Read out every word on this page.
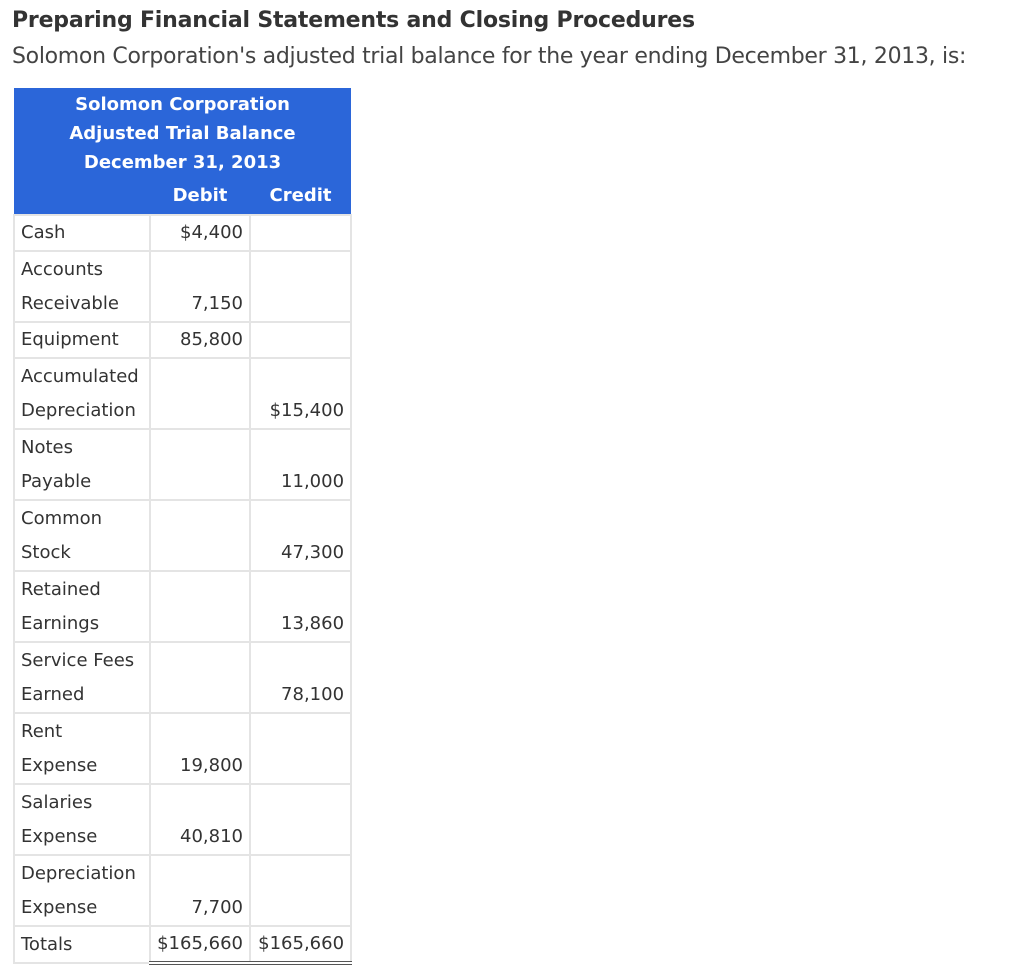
Preparing Financial Statements and Closing Procedures
Solomon Corporation's adjusted trial balance for the year ending December 31, 2013, is:
Solomon Corporation
Adjusted Trial Balance
December 31, 2013		

	Debit	Credit
Cash	$4,400	
Accounts Receivable	7,150	
Equipment	85,800	
Accumulated Depreciation		$15,400
Notes Payable		11,000
Common Stock		47,300
Retained Earnings		13,860
Service Fees Earned		78,100
Rent Expense	19,800	
Salaries Expense	40,810	
Depreciation Expense	7,700	
Totals	$165,660	$165,660
